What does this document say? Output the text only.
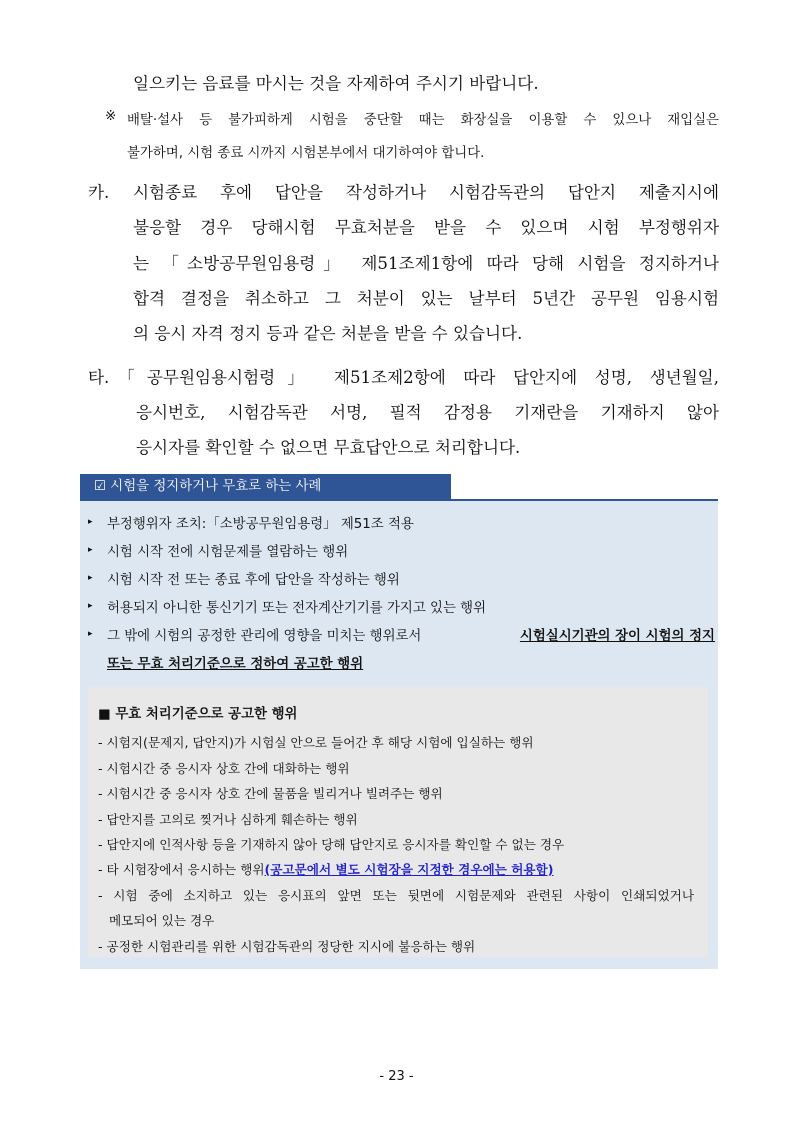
일으키는 음료를 마시는 것을 자제하여 주시기 바랍니다.
※ 배탈·설사 등 불가피하게 시험을 중단할 때는 화장실을 이용할 수 있으나 재입실은
불가하며, 시험 종료 시까지 시험본부에서 대기하여야 합니다.
카. 시험종료 후에 답안을 작성하거나 시험감독관의 답안지 제출지시에
불응할 경우 당해시험 무효처분을 받을 수 있으며 시험 부정행위자
는 「소방공무원임용령」 제51조제1항에 따라 당해 시험을 정지하거나
합격 결정을 취소하고 그 처분이 있는 날부터 5년간 공무원 임용시험
의 응시 자격 정지 등과 같은 처분을 받을 수 있습니다.
타. 「공무원임용시험령」 제51조제2항에 따라 답안지에 성명, 생년월일,
응시번호, 시험감독관 서명, 필적 감정용 기재란을 기재하지 않아
응시자를 확인할 수 없으면 무효답안으로 처리합니다.
☑ 시험을 정지하거나 무효로 하는 사례
▸ 부정행위자 조치:「소방공무원임용령」 제51조 적용
▸ 시험 시작 전에 시험문제를 열람하는 행위
▸ 시험 시작 전 또는 종료 후에 답안을 작성하는 행위
▸ 허용되지 아니한 통신기기 또는 전자계산기기를 가지고 있는 행위
▸ 그 밖에 시험의 공정한 관리에 영향을 미치는 행위로서	시험실시기관의 장이 시험의 정지
또는 무효 처리기준으로 정하여 공고한 행위
■ 무효 처리기준으로 공고한 행위
- 시험지(문제지, 답안지)가 시험실 안으로 들어간 후 해당 시험에 입실하는 행위
- 시험시간 중 응시자 상호 간에 대화하는 행위
- 시험시간 중 응시자 상호 간에 물품을 빌리거나 빌려주는 행위
- 답안지를 고의로 찢거나 심하게 훼손하는 행위
- 답안지에 인적사항 등을 기재하지 않아 당해 답안지로 응시자를 확인할 수 없는 경우
- 타 시험장에서 응시하는 행위(공고문에서 별도 시험장을 지정한 경우에는 허용함)
- 시험 중에 소지하고 있는 응시표의 앞면 또는 뒷면에 시험문제와 관련된 사항이 인쇄되었거나
메모되어 있는 경우
- 공정한 시험관리를 위한 시험감독관의 정당한 지시에 불응하는 행위
- 23 -
